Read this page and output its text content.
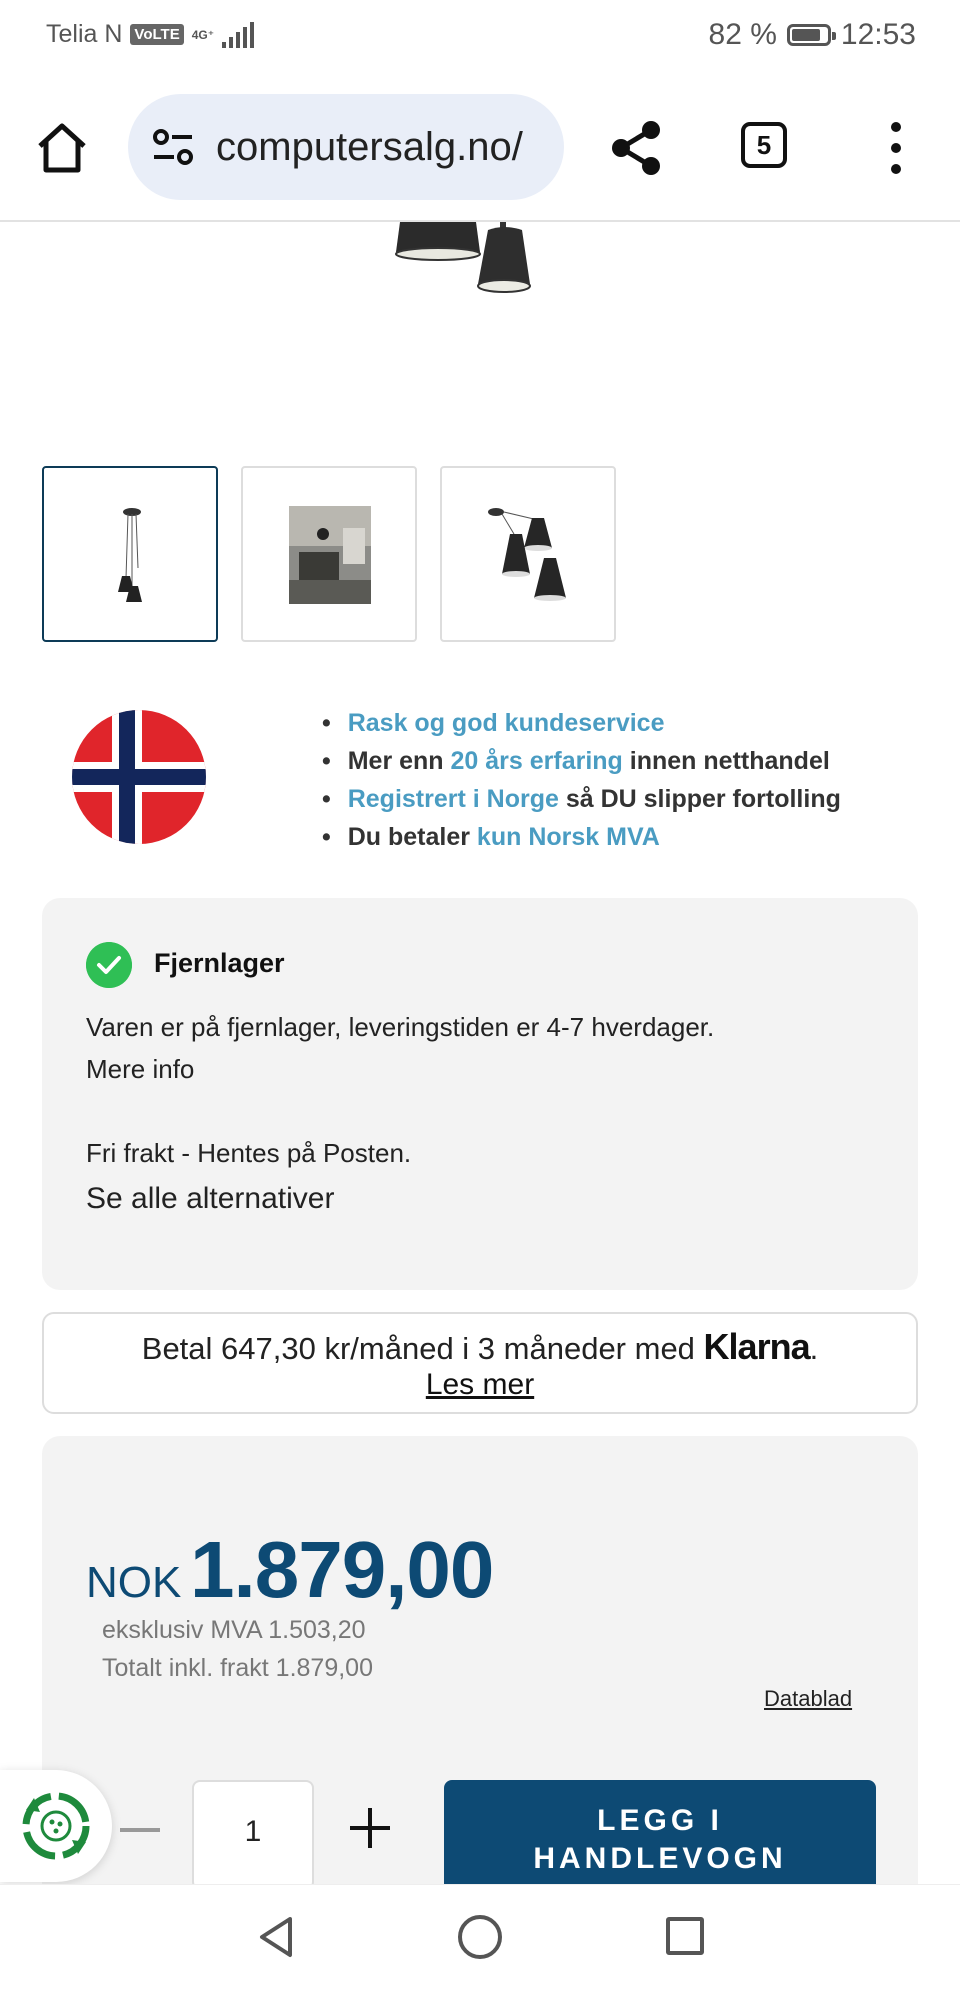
Telia N VoLTE	4G⁺	82 % 12:53
computersalg.no/	5
• Rask og god kundeservice
• Mer enn 20 års erfaring innen netthandel
• Registrert i Norge så DU slipper fortolling
• Du betaler kun Norsk MVA
Fjernlager
Varen er på fjernlager, leveringstiden er 4-7 hverdager.
Mere info
Fri frakt - Hentes på Posten.
Se alle alternativer
Betal 647,30 kr/måned i 3 måneder med Klarna.
Les mer
NOK 1.879,00
eksklusiv MVA 1.503,20
Totalt inkl. frakt 1.879,00
Datablad
1	LEGG I
HANDLEVOGN
